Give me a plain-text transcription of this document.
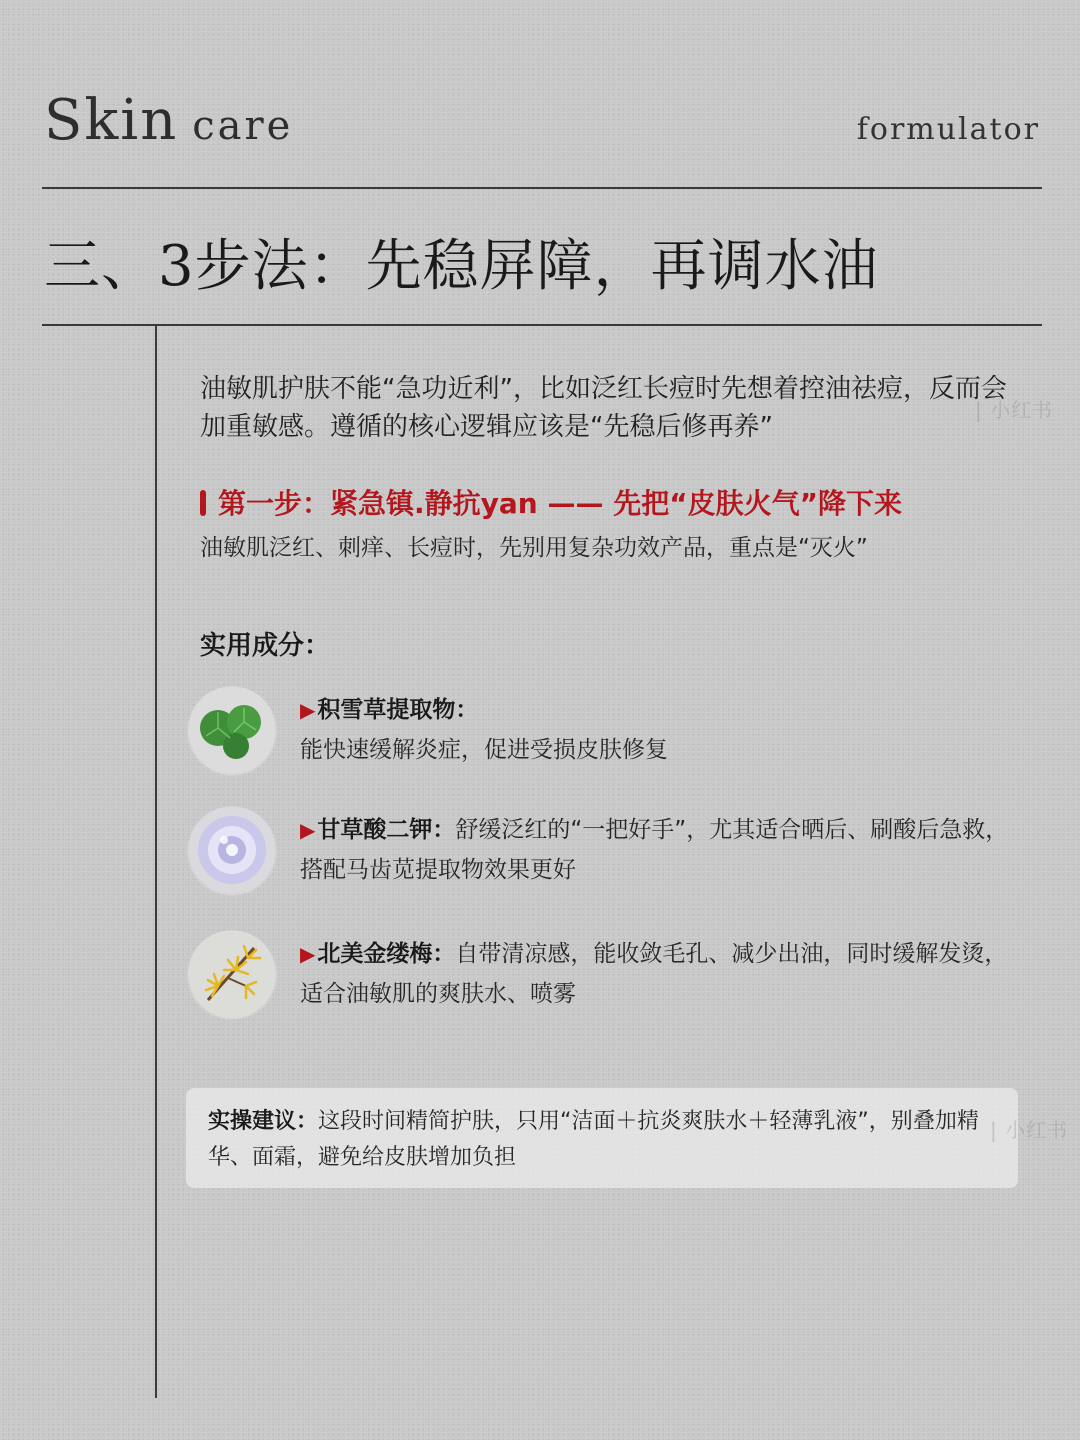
Skin care	formulator
三、3步法：先稳屏障，再调水油
油敏肌护肤不能“急功近利”，比如泛红长痘时先想着控油祛痘，反而会加重敏感。遵循的核心逻辑应该是“先稳后修再养”
| 小红书
第一步：紧急镇.静抗yan —— 先把“皮肤火气”降下来
油敏肌泛红、刺痒、长痘时，先别用复杂功效产品，重点是“灭火”
实用成分：
▶积雪草提取物：
能快速缓解炎症，促进受损皮肤修复
▶甘草酸二钾：舒缓泛红的“一把好手”，尤其适合晒后、刷酸后急救，搭配马齿苋提取物效果更好
▶北美金缕梅：自带清凉感，能收敛毛孔、减少出油，同时缓解发烫，适合油敏肌的爽肤水、喷雾
实操建议：这段时间精简护肤，只用“洁面＋抗炎爽肤水＋轻薄乳液”，别叠加精华、面霜，避免给皮肤增加负担
| 小红书
